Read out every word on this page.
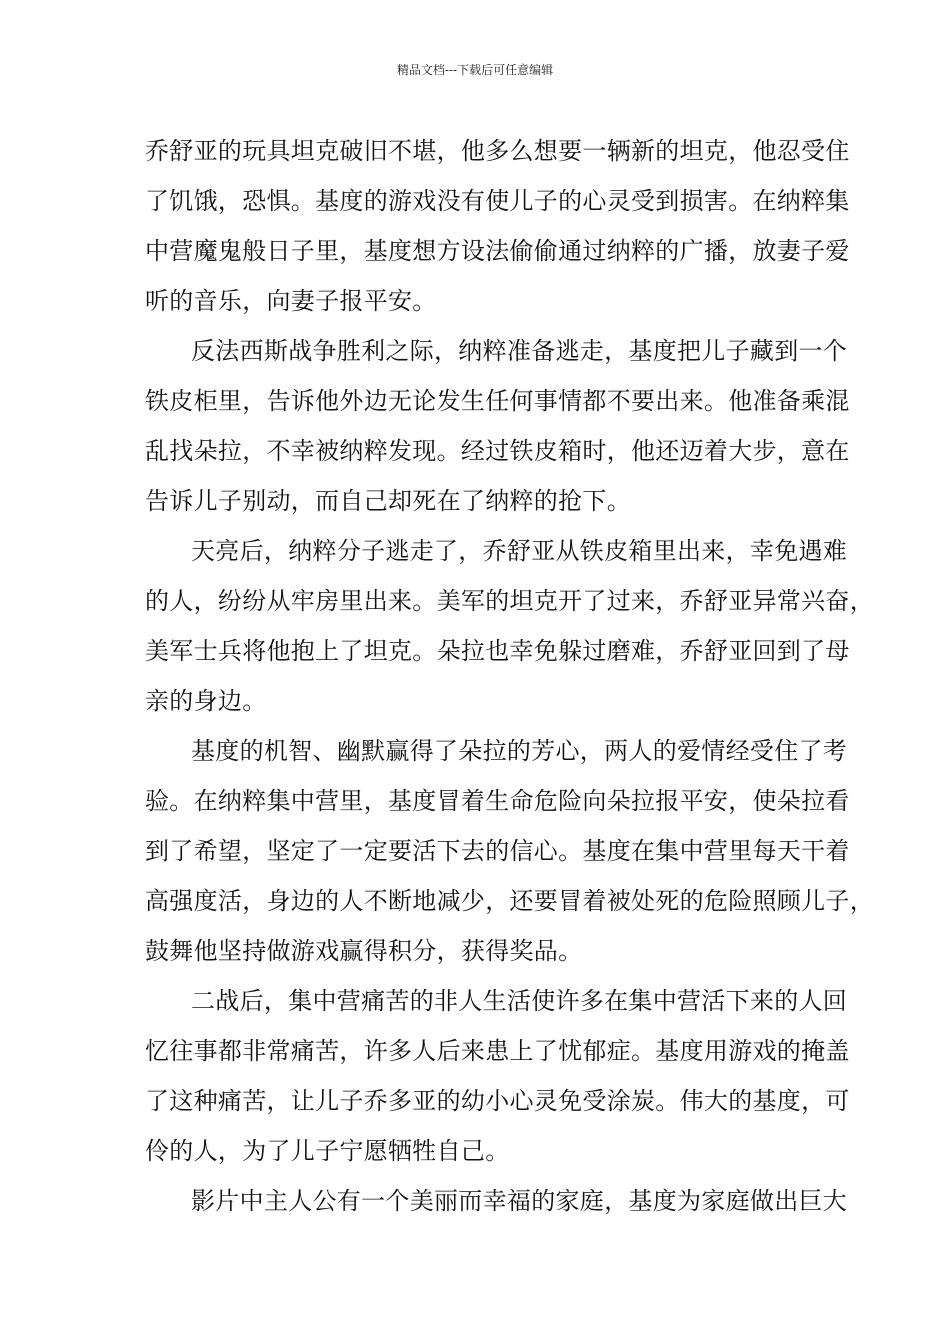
精品文档---下载后可任意编辑
乔舒亚的玩具坦克破旧不堪，他多么想要一辆新的坦克，他忍受住
了饥饿，恐惧。基度的游戏没有使儿子的心灵受到损害。在纳粹集
中营魔鬼般日子里，基度想方设法偷偷通过纳粹的广播，放妻子爱
听的音乐，向妻子报平安。
反法西斯战争胜利之际，纳粹准备逃走，基度把儿子藏到一个
铁皮柜里，告诉他外边无论发生任何事情都不要出来。他准备乘混
乱找朵拉，不幸被纳粹发现。经过铁皮箱时，他还迈着大步，意在
告诉儿子别动，而自己却死在了纳粹的抢下。
天亮后，纳粹分子逃走了，乔舒亚从铁皮箱里出来，幸免遇难
的人，纷纷从牢房里出来。美军的坦克开了过来，乔舒亚异常兴奋，
美军士兵将他抱上了坦克。朵拉也幸免躲过磨难，乔舒亚回到了母
亲的身边。
基度的机智、幽默赢得了朵拉的芳心，两人的爱情经受住了考
验。在纳粹集中营里，基度冒着生命危险向朵拉报平安，使朵拉看
到了希望，坚定了一定要活下去的信心。基度在集中营里每天干着
高强度活，身边的人不断地减少，还要冒着被处死的危险照顾儿子，
鼓舞他坚持做游戏赢得积分，获得奖品。
二战后，集中营痛苦的非人生活使许多在集中营活下来的人回
忆往事都非常痛苦，许多人后来患上了忧郁症。基度用游戏的掩盖
了这种痛苦，让儿子乔多亚的幼小心灵免受涂炭。伟大的基度，可
伶的人，为了儿子宁愿牺牲自己。
影片中主人公有一个美丽而幸福的家庭，基度为家庭做出巨大
